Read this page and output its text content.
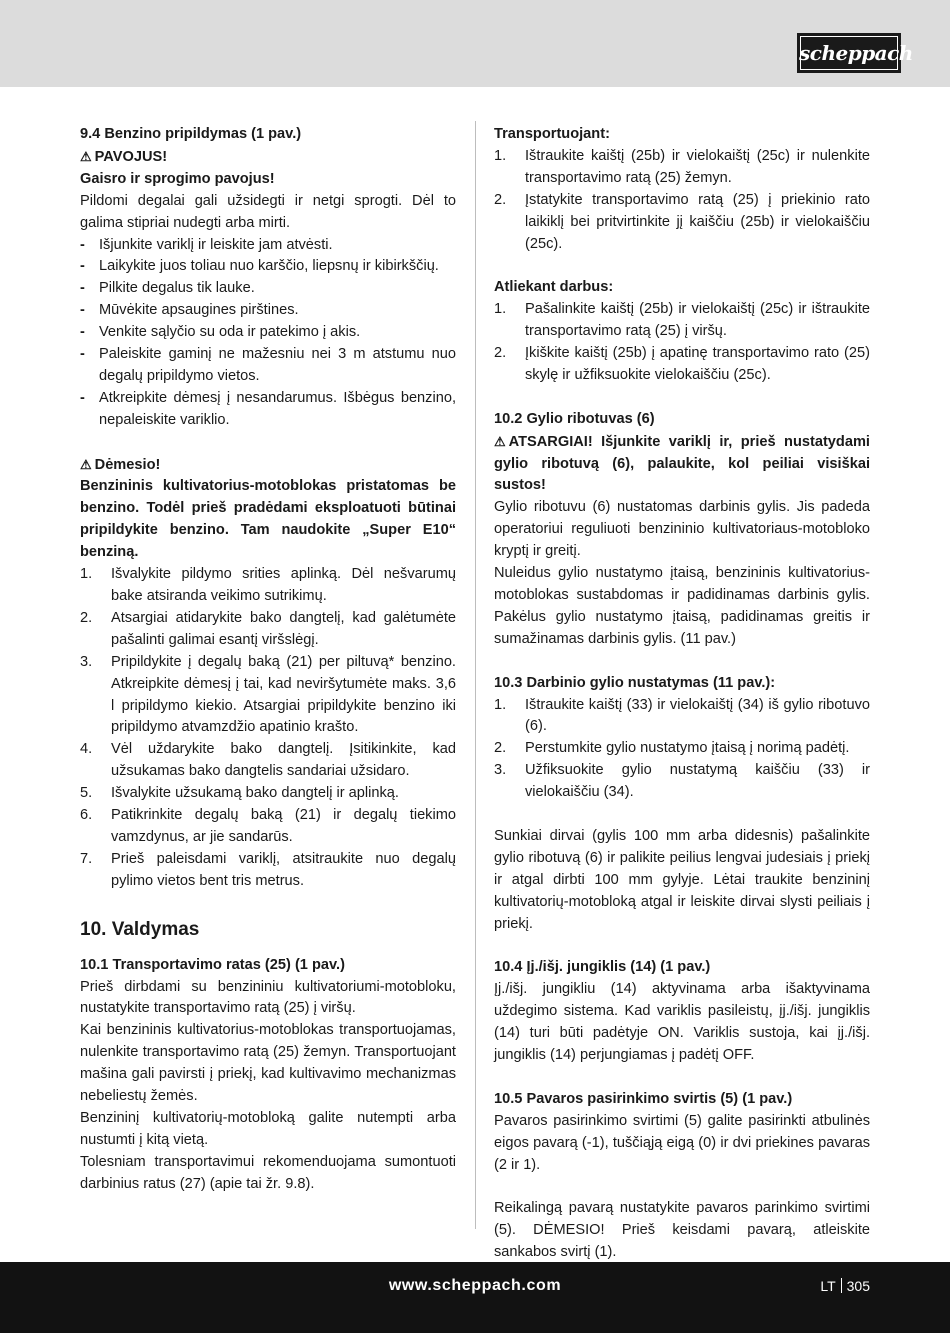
scheppach

9.4 Benzino pripildymas (1 pav.)

⚠ PAVOJUS!

Gaisro ir sprogimo pavojus!

Pildomi degalai gali užsidegti ir netgi sprogti. Dėl to galima stipriai nudegti arba mirti.

- Išjunkite variklį ir leiskite jam atvėsti.
- Laikykite juos toliau nuo karščio, liepsnų ir kibirkščių.
- Pilkite degalus tik lauke.
- Mūvėkite apsaugines pirštines.
- Venkite sąlyčio su oda ir patekimo į akis.
- Paleiskite gaminį ne mažesniu nei 3 m atstumu nuo degalų pripildymo vietos.
- Atkreipkite dėmesį į nesandarumus. Išbėgus benzino, nepaleiskite variklio.

⚠ Dėmesio!

Benzininis kultivatorius-motoblokas pristatomas be benzino. Todėl prieš pradėdami eksploatuoti būtinai pripildykite benzino. Tam naudokite „Super E10“ benziną.

1. Išvalykite pildymo srities aplinką. Dėl nešvarumų bake atsiranda veikimo sutrikimų.
2. Atsargiai atidarykite bako dangtelį, kad galėtumėte pašalinti galimai esantį viršslėgį.
3. Pripildykite į degalų baką (21) per piltuvą* benzino. Atkreipkite dėmesį į tai, kad neviršytumėte maks. 3,6 l pripildymo kiekio. Atsargiai pripildykite benzino iki pripildymo atvamzdžio apatinio krašto.
4. Vėl uždarykite bako dangtelį. Įsitikinkite, kad užsukamas bako dangtelis sandariai užsidaro.
5. Išvalykite užsukamą bako dangtelį ir aplinką.
6. Patikrinkite degalų baką (21) ir degalų tiekimo vamzdynus, ar jie sandarūs.
7. Prieš paleisdami variklį, atsitraukite nuo degalų pylimo vietos bent tris metrus.

10. Valdymas

10.1 Transportavimo ratas (25) (1 pav.)

Prieš dirbdami su benzininiu kultivatoriumi-motobloku, nustatykite transportavimo ratą (25) į viršų.

Kai benzininis kultivatorius-motoblokas transportuojamas, nulenkite transportavimo ratą (25) žemyn. Transportuojant mašina gali pavirsti į priekį, kad kultivavimo mechanizmas nebeliestų žemės.

Benzininį kultivatorių-motobloką galite nutempti arba nustumti į kitą vietą.

Tolesniam transportavimui rekomenduojama sumontuoti darbinius ratus (27) (apie tai žr. 9.8).

Transportuojant:

1. Ištraukite kaištį (25b) ir vielokaištį (25c) ir nulenkite transportavimo ratą (25) žemyn.
2. Įstatykite transportavimo ratą (25) į priekinio rato laikiklį bei pritvirtinkite jį kaiščiu (25b) ir vielokaiščiu (25c).

Atliekant darbus:

1. Pašalinkite kaištį (25b) ir vielokaištį (25c) ir ištraukite transportavimo ratą (25) į viršų.
2. Įkiškite kaištį (25b) į apatinę transportavimo rato (25) skylę ir užfiksuokite vielokaiščiu (25c).

10.2 Gylio ribotuvas (6)

⚠ ATSARGIAI! Išjunkite variklį ir, prieš nustatydami gylio ribotuvą (6), palaukite, kol peiliai visiškai sustos!

Gylio ribotuvu (6) nustatomas darbinis gylis. Jis padeda operatoriui reguliuoti benzininio kultivatoriaus-motobloko kryptį ir greitį.

Nuleidus gylio nustatymo įtaisą, benzininis kultivatorius-motoblokas sustabdomas ir padidinamas darbinis gylis. Pakėlus gylio nustatymo įtaisą, padidinamas greitis ir sumažinamas darbinis gylis. (11 pav.)

10.3 Darbinio gylio nustatymas (11 pav.):

1. Ištraukite kaištį (33) ir vielokaištį (34) iš gylio ribotuvo (6).
2. Perstumkite gylio nustatymo įtaisą į norimą padėtį.
3. Užfiksuokite gylio nustatymą kaiščiu (33) ir vielokaiščiu (34).

Sunkiai dirvai (gylis 100 mm arba didesnis) pašalinkite gylio ribotuvą (6) ir palikite peilius lengvai judesiais į priekį ir atgal dirbti 100 mm gylyje. Lėtai traukite benzininį kultivatorių-motobloką atgal ir leiskite dirvai slysti peiliais į priekį.

10.4 Įj./išj. jungiklis (14) (1 pav.)

Įj./išj. jungikliu (14) aktyvinama arba išaktyvinama uždegimo sistema. Kad variklis pasileistų, įj./išj. jungiklis (14) turi būti padėtyje ON. Variklis sustoja, kai įj./išj. jungiklis (14) perjungiamas į padėtį OFF.

10.5 Pavaros pasirinkimo svirtis (5) (1 pav.)

Pavaros pasirinkimo svirtimi (5) galite pasirinkti atbulinės eigos pavarą (-1), tuščiąją eigą (0) ir dvi priekines pavaras (2 ir 1).

Reikalingą pavarą nustatykite pavaros parinkimo svirtimi (5). DĖMESIO! Prieš keisdami pavarą, atleiskite sankabos svirtį (1).

www.scheppach.com	LT 305
